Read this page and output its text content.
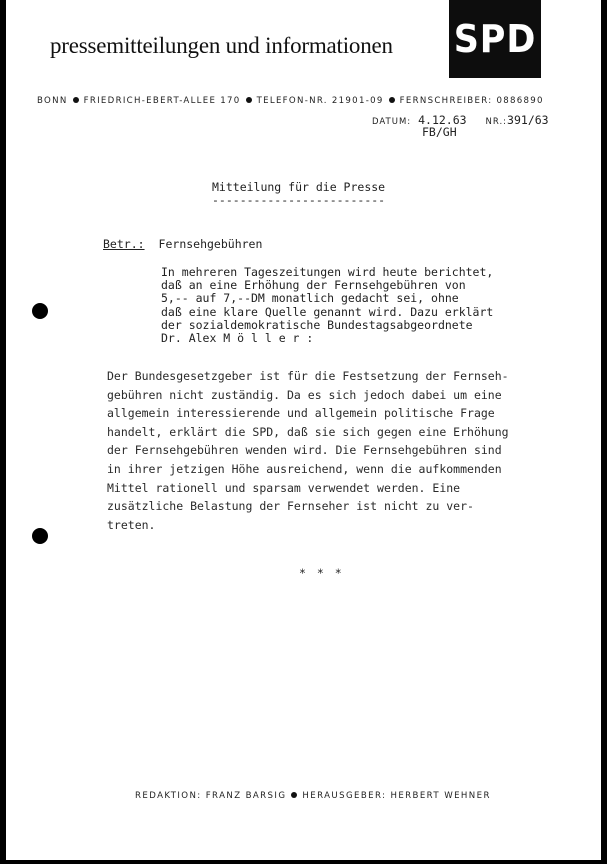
pressemitteilungen und informationen SPD
BONN FRIEDRICH-EBERT-ALLEE 170 TELEFON-NR. 21901-09 FERNSCHREIBER: 0886890
DATUM: 4.12.63 NR.:391/63
FB/GH
Mitteilung für die Presse
-------------------------
Betr.: Fernsehgebühren
In mehreren Tageszeitungen wird heute berichtet,
daß an eine Erhöhung der Fernsehgebühren von
5,-- auf 7,--DM monatlich gedacht sei, ohne
daß eine klare Quelle genannt wird. Dazu erklärt
der sozialdemokratische Bundestagsabgeordnete
Dr. Alex M ö l l e r :
Der Bundesgesetzgeber ist für die Festsetzung der Fernseh-
gebühren nicht zuständig. Da es sich jedoch dabei um eine
allgemein interessierende und allgemein politische Frage
handelt, erklärt die SPD, daß sie sich gegen eine Erhöhung
der Fernsehgebühren wenden wird. Die Fernsehgebühren sind
in ihrer jetzigen Höhe ausreichend, wenn die aufkommenden
Mittel rationell und sparsam verwendet werden. Eine
zusätzliche Belastung der Fernseher ist nicht zu ver-
treten.
* * *
REDAKTION: FRANZ BARSIG HERAUSGEBER: HERBERT WEHNER
